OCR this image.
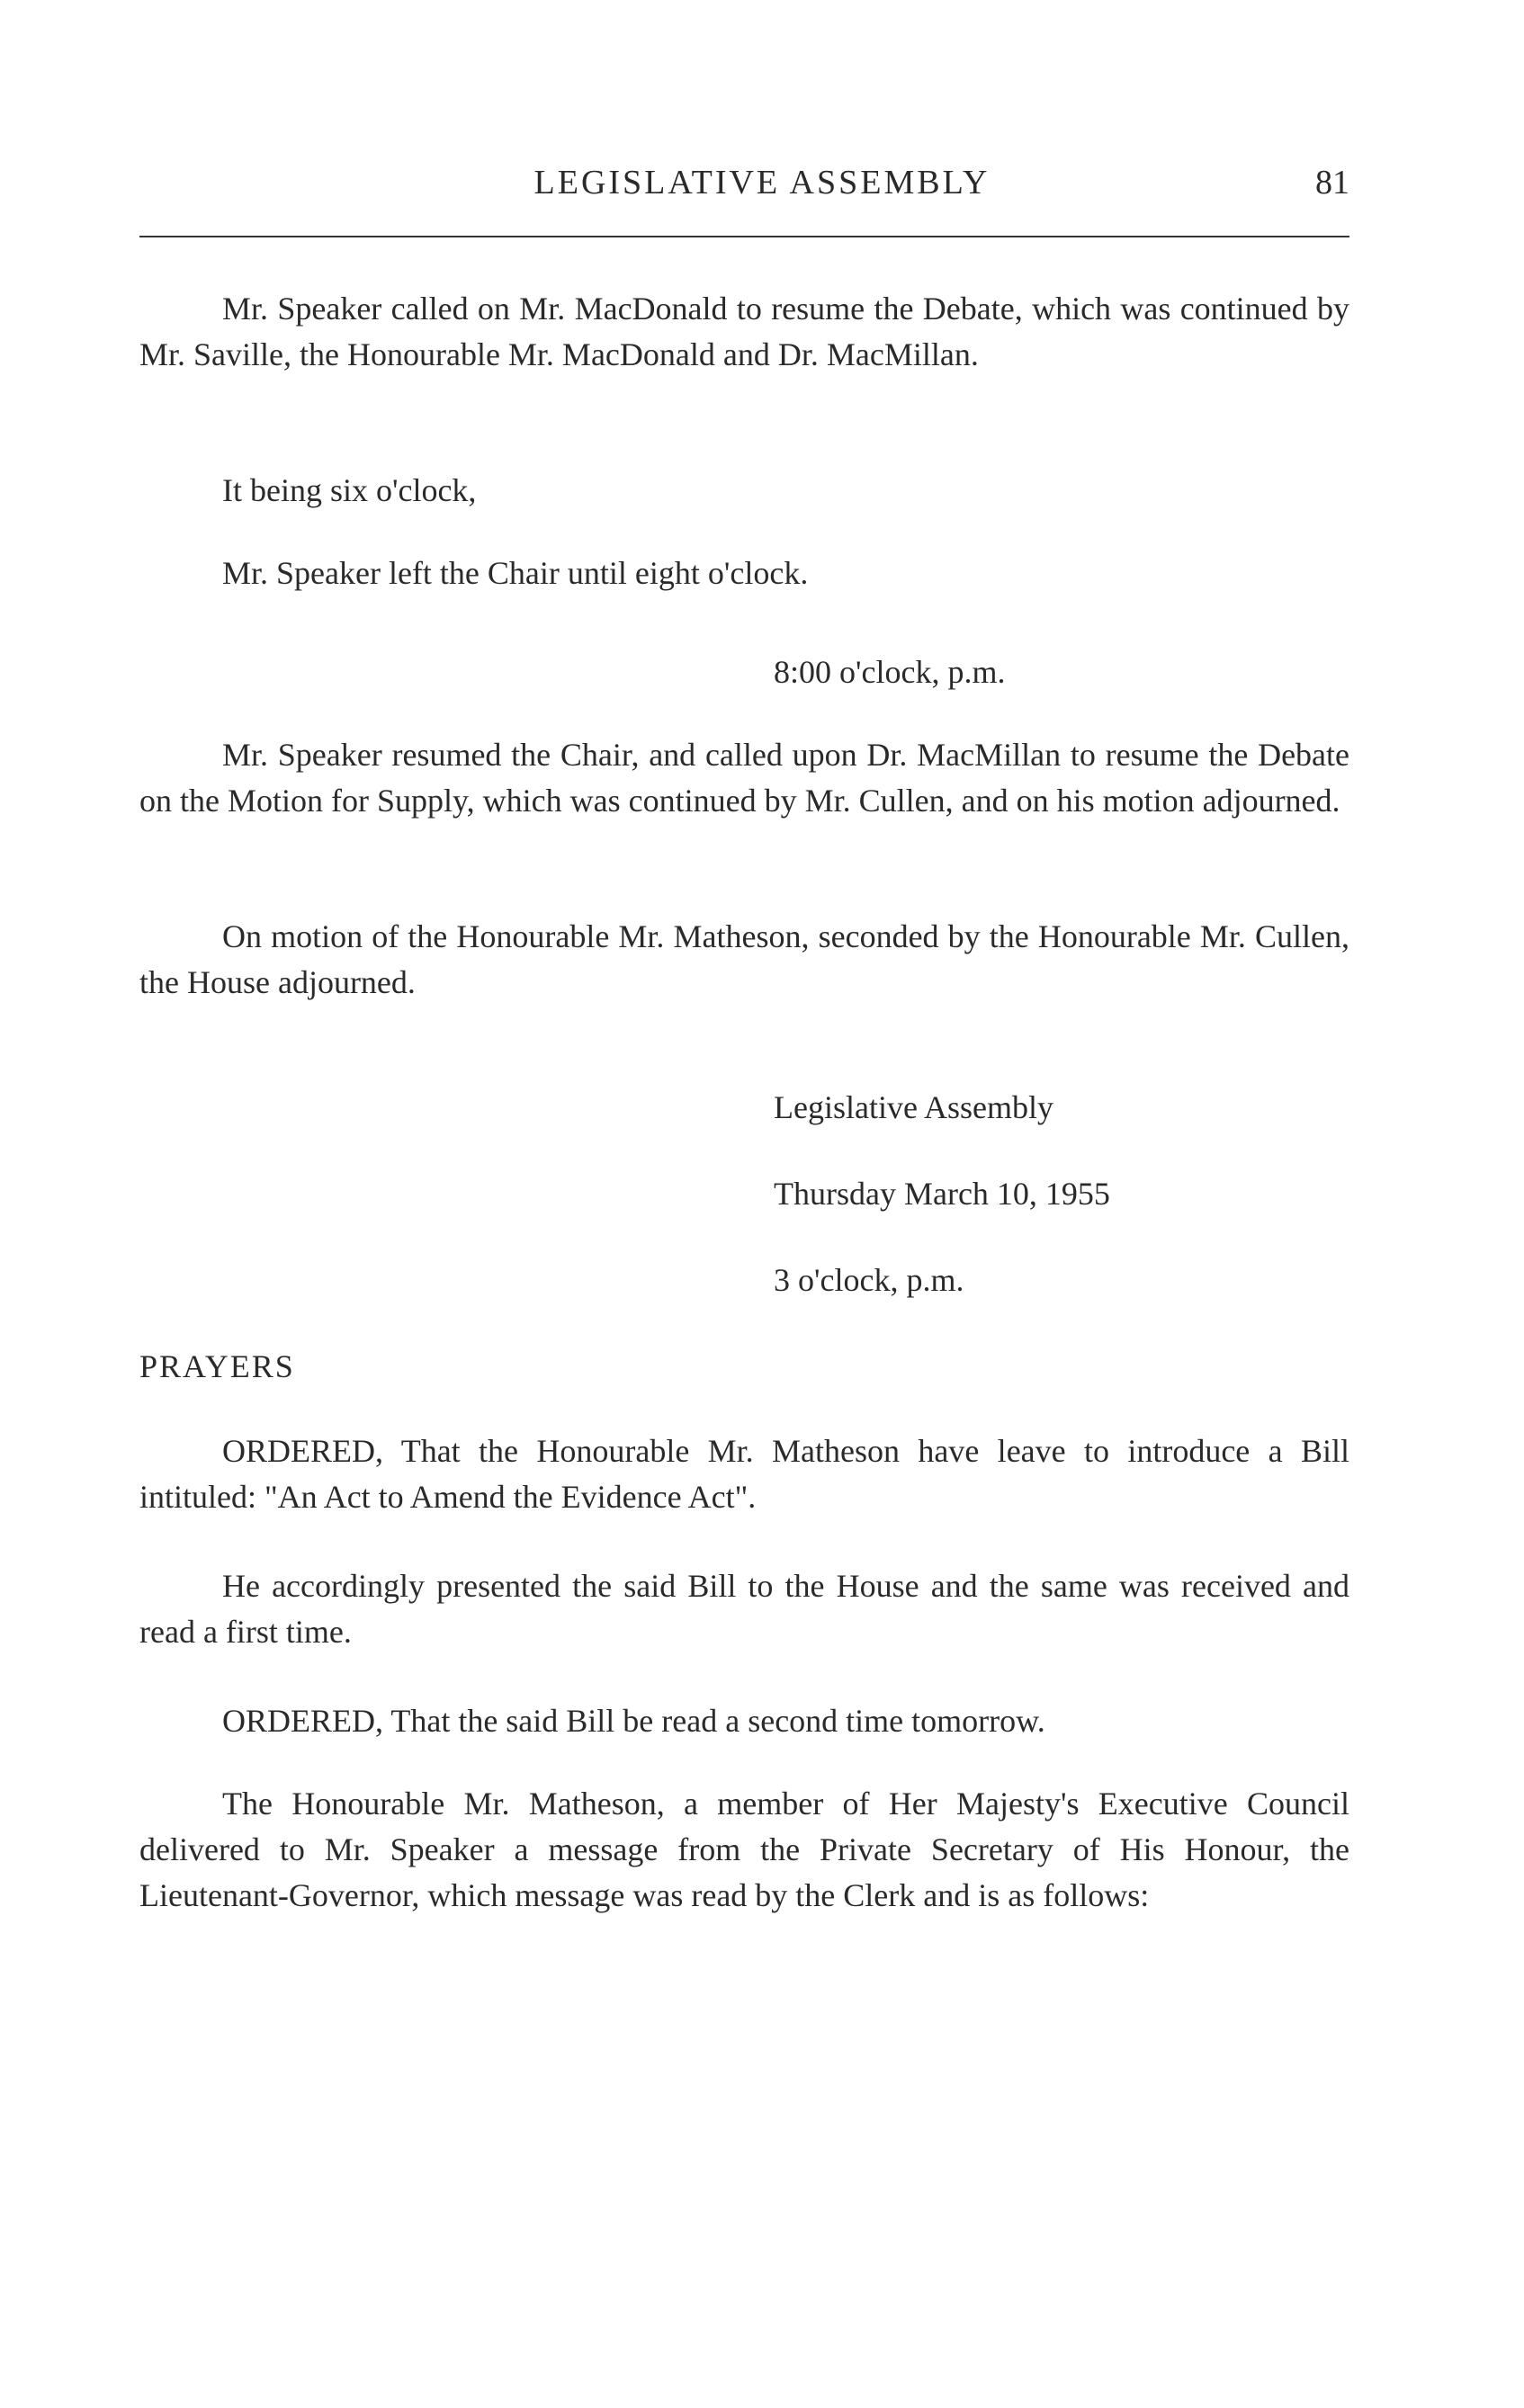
LEGISLATIVE ASSEMBLY	81

Mr. Speaker called on Mr. MacDonald to resume the Debate, which was continued by Mr. Saville, the Honourable Mr. MacDonald and Dr. MacMillan.

It being six o'clock,

Mr. Speaker left the Chair until eight o'clock.

8:00 o'clock, p.m.

Mr. Speaker resumed the Chair, and called upon Dr. MacMillan to resume the Debate on the Motion for Supply, which was continued by Mr. Cullen, and on his motion adjourned.

On motion of the Honourable Mr. Matheson, seconded by the Honourable Mr. Cullen, the House adjourned.

Legislative Assembly

Thursday March 10, 1955

3 o'clock, p.m.

PRAYERS

ORDERED, That the Honourable Mr. Matheson have leave to introduce a Bill intituled: "An Act to Amend the Evidence Act".

He accordingly presented the said Bill to the House and the same was received and read a first time.

ORDERED, That the said Bill be read a second time tomorrow.

The Honourable Mr. Matheson, a member of Her Majesty's Executive Council delivered to Mr. Speaker a message from the Private Secretary of His Honour, the Lieutenant-Governor, which message was read by the Clerk and is as follows:
